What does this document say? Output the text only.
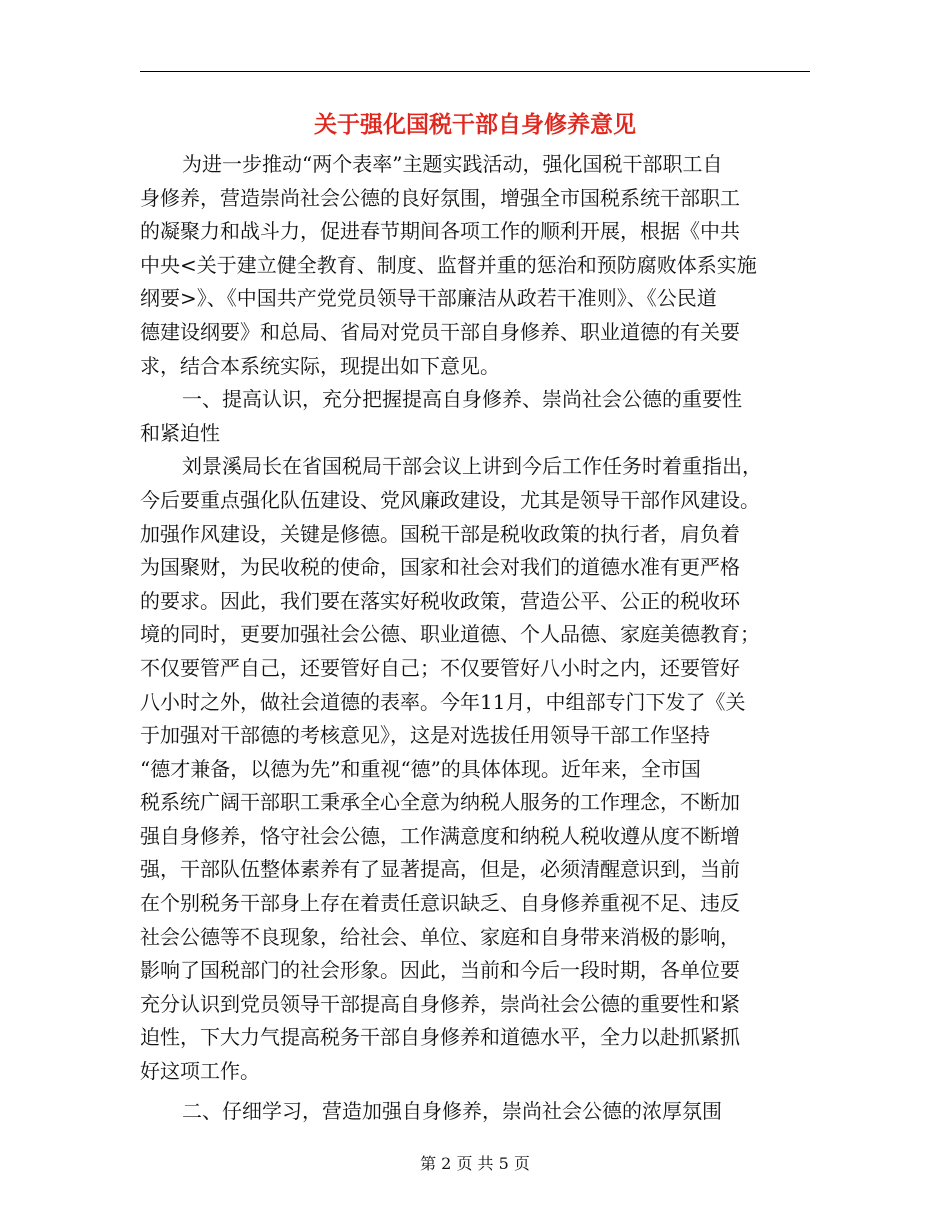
关于强化国税干部自身修养意见
为进一步推动“两个表率”主题实践活动，强化国税干部职工自
身修养，营造崇尚社会公德的良好氛围，增强全市国税系统干部职工
的凝聚力和战斗力，促进春节期间各项工作的顺利开展，根据《中共
中央<关于建立健全教育、制度、监督并重的惩治和预防腐败体系实施
纲要>》、《中国共产党党员领导干部廉洁从政若干准则》、《公民道
德建设纲要》和总局、省局对党员干部自身修养、职业道德的有关要
求，结合本系统实际，现提出如下意见。
一、提高认识，充分把握提高自身修养、崇尚社会公德的重要性
和紧迫性
刘景溪局长在省国税局干部会议上讲到今后工作任务时着重指出，
今后要重点强化队伍建设、党风廉政建设，尤其是领导干部作风建设。
加强作风建设，关键是修德。国税干部是税收政策的执行者，肩负着
为国聚财，为民收税的使命，国家和社会对我们的道德水准有更严格
的要求。因此，我们要在落实好税收政策，营造公平、公正的税收环
境的同时，更要加强社会公德、职业道德、个人品德、家庭美德教育；
不仅要管严自己，还要管好自己；不仅要管好八小时之内，还要管好
八小时之外，做社会道德的表率。今年11月，中组部专门下发了《关
于加强对干部德的考核意见》，这是对选拔任用领导干部工作坚持
“德才兼备，以德为先”和重视“德”的具体体现。近年来，全市国
税系统广阔干部职工秉承全心全意为纳税人服务的工作理念，不断加
强自身修养，恪守社会公德，工作满意度和纳税人税收遵从度不断增
强，干部队伍整体素养有了显著提高，但是，必须清醒意识到，当前
在个别税务干部身上存在着责任意识缺乏、自身修养重视不足、违反
社会公德等不良现象，给社会、单位、家庭和自身带来消极的影响，
影响了国税部门的社会形象。因此，当前和今后一段时期，各单位要
充分认识到党员领导干部提高自身修养，崇尚社会公德的重要性和紧
迫性，下大力气提高税务干部自身修养和道德水平，全力以赴抓紧抓
好这项工作。
二、仔细学习，营造加强自身修养，崇尚社会公德的浓厚氛围
第 2 页 共 5 页
